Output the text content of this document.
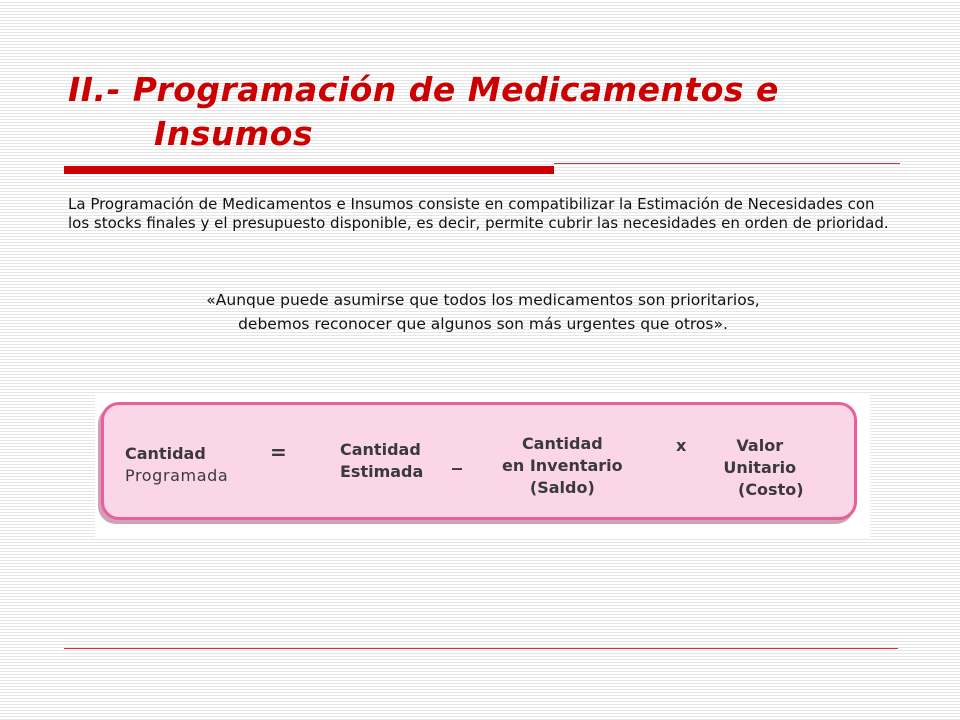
II.- Programación de Medicamentos e
Insumos

La Programación de Medicamentos e Insumos consiste en compatibilizar la Estimación de Necesidades con los stocks finales y el presupuesto disponible, es decir, permite cubrir las necesidades en orden de prioridad.

«Aunque puede asumirse que todos los medicamentos son prioritarios,
debemos reconocer que algunos son más urgentes que otros».

Cantidad
Programada
=	Cantidad
Estimada
_
Cantidad
en Inventario
(Saldo)
x	Valor
Unitario
(Costo)
